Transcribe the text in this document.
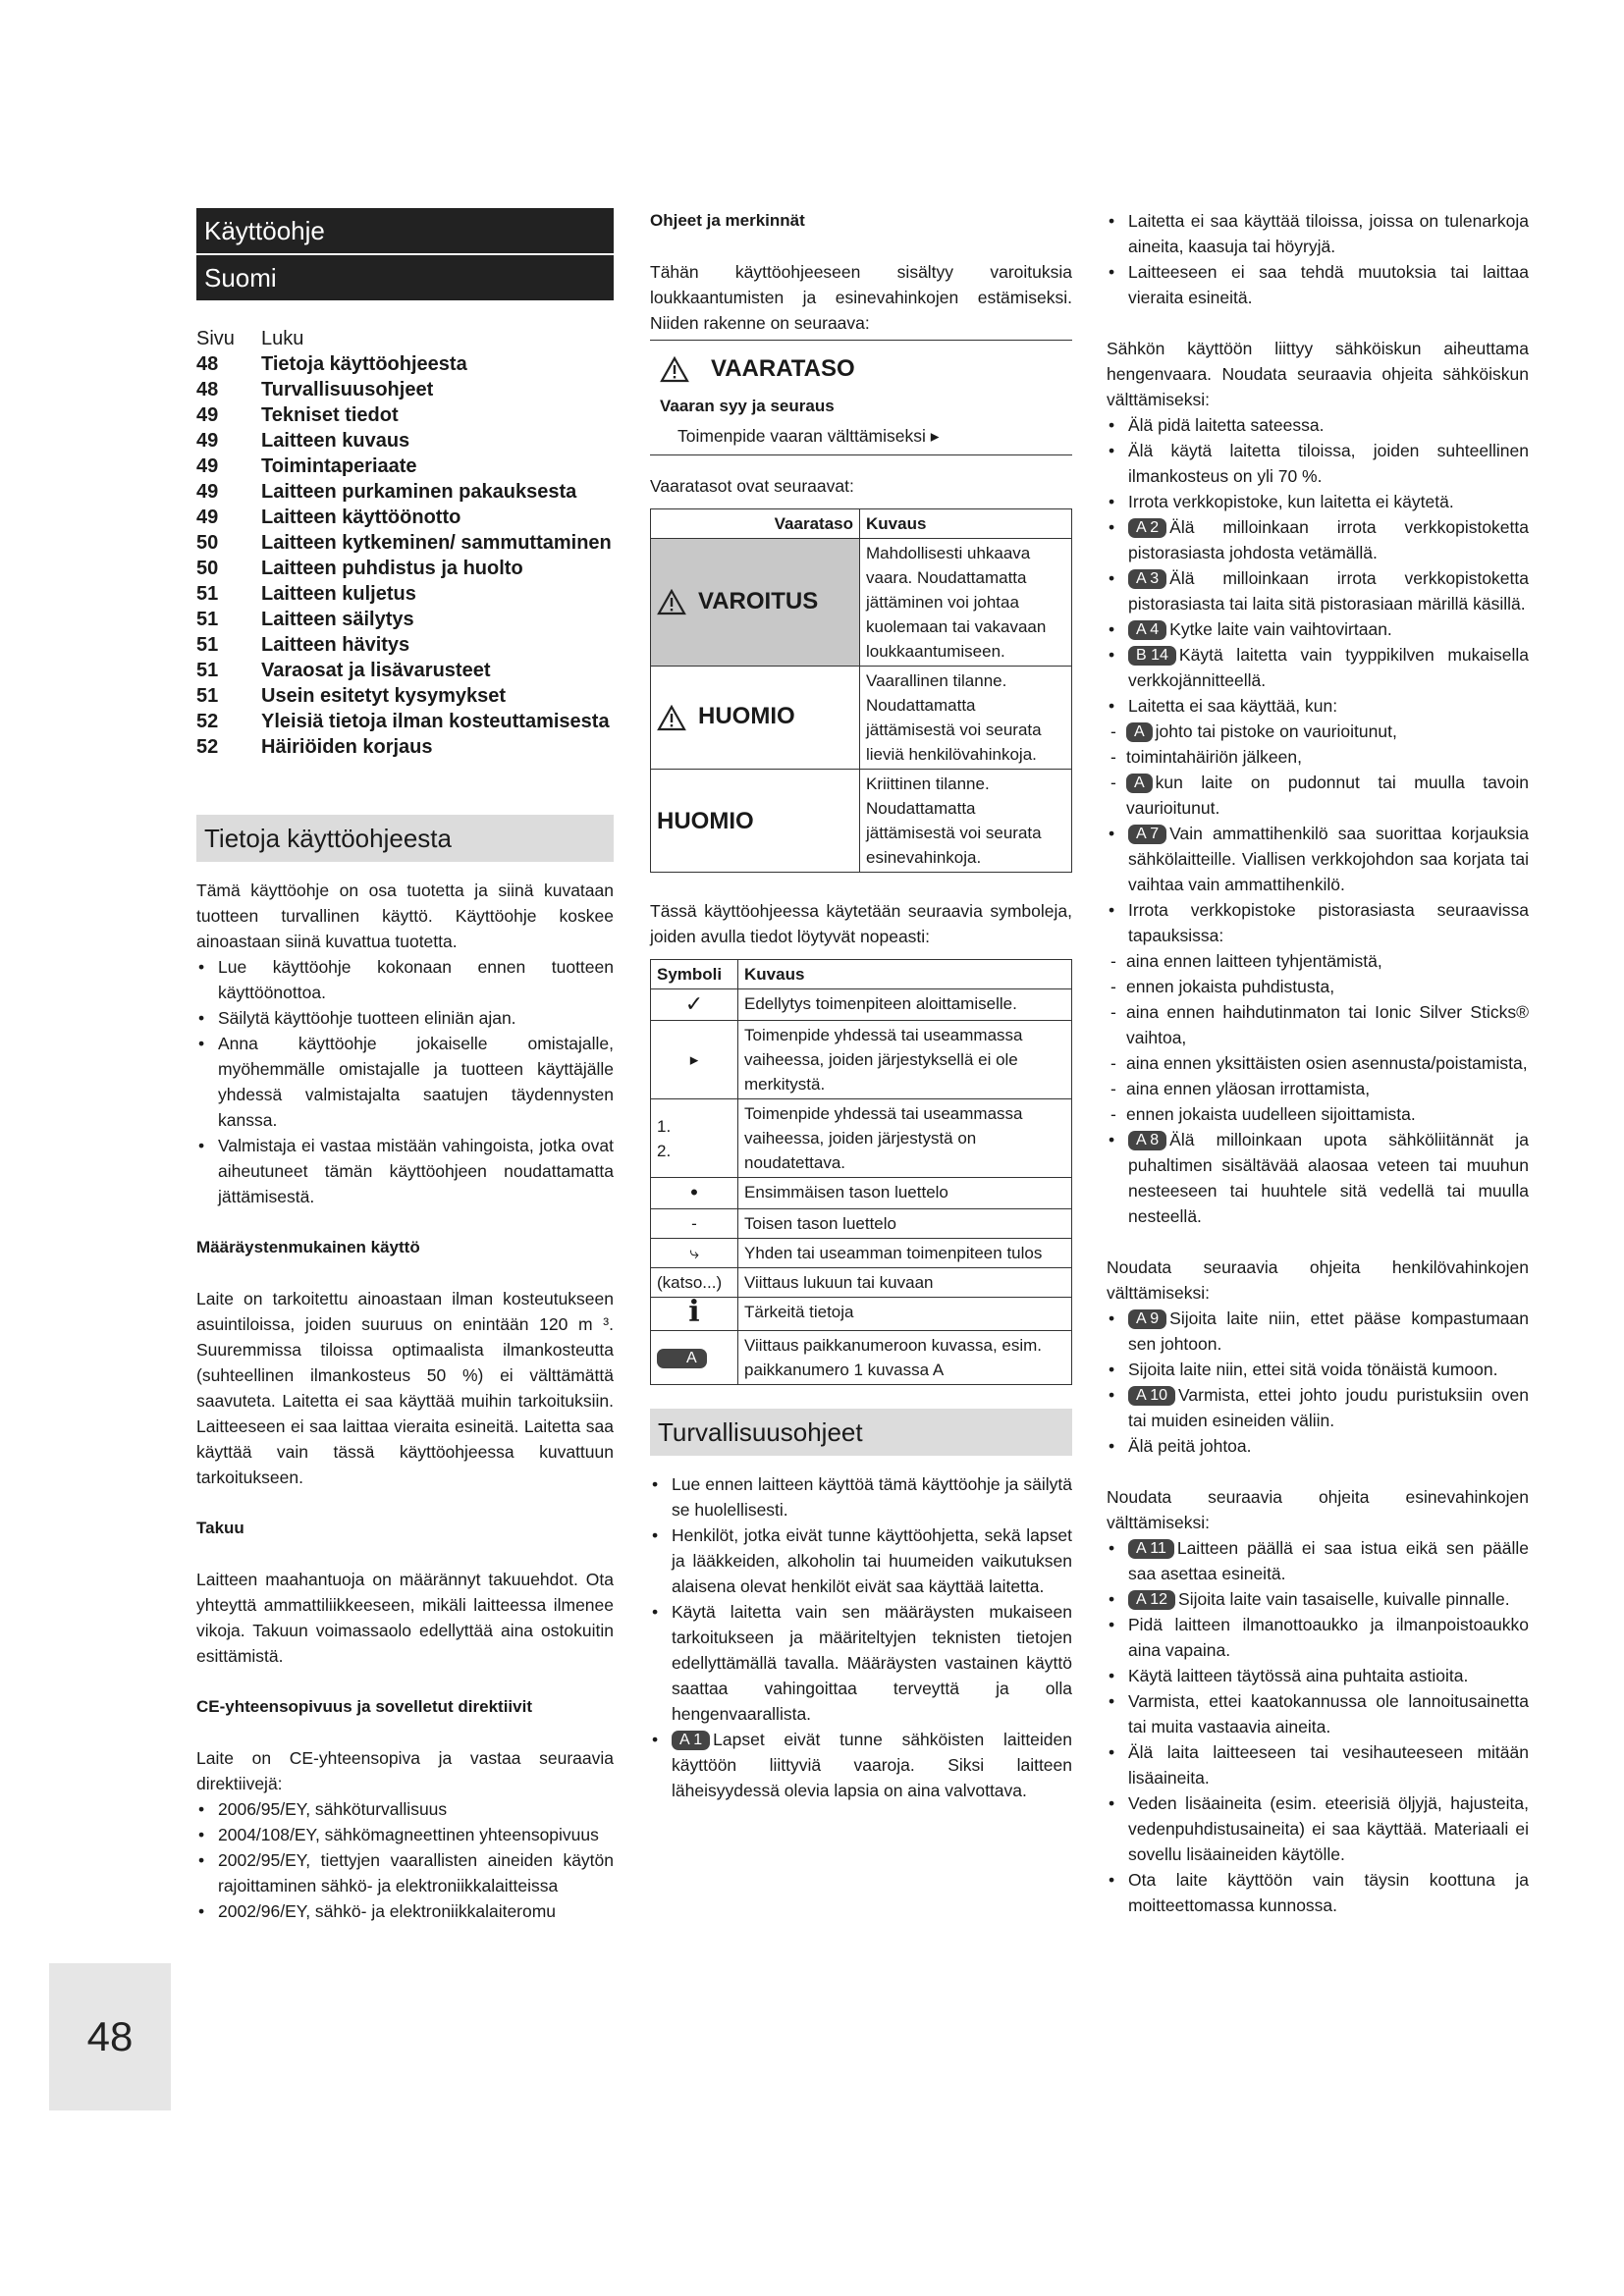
Käyttöohje
Suomi
Sivu	Luku
48	Tietoja käyttöohjeesta
48	Turvallisuusohjeet
49	Tekniset tiedot
49	Laitteen kuvaus
49	Toimintaperiaate
49	Laitteen purkaminen pakauksesta
49	Laitteen käyttöönotto
50	Laitteen kytkeminen/ sammuttaminen
50	Laitteen puhdistus ja huolto
51	Laitteen kuljetus
51	Laitteen säilytys
51	Laitteen hävitys
51	Varaosat ja lisävarusteet
51	Usein esitetyt kysymykset
52	Yleisiä tietoja ilman kosteuttamisesta
52	Häiriöiden korjaus
Tietoja käyttöohjeesta

Tämä käyttöohje on osa tuotetta ja siinä kuvataan tuotteen turvallinen käyttö. Käyttöohje koskee ainoastaan siinä kuvattua tuotetta.

• Lue käyttöohje kokonaan ennen tuotteen käyttöönottoa.
• Säilytä käyttöohje tuotteen eliniän ajan.
• Anna käyttöohje jokaiselle omistajalle, myöhemmälle omistajalle ja tuotteen käyttäjälle yhdessä valmistajalta saatujen täydennysten kanssa.
• Valmistaja ei vastaa mistään vahingoista, jotka ovat aiheutuneet tämän käyttöohjeen noudattamatta jättämisestä.

Määräystenmukainen käyttö

Laite on tarkoitettu ainoastaan ilman kosteutukseen asuintiloissa, joiden suuruus on enintään 120 m ³. Suuremmissa tiloissa optimaalista ilmankosteutta (suhteellinen ilmankosteus 50 %) ei välttämättä saavuteta. Laitetta ei saa käyttää muihin tarkoituksiin. Laitteeseen ei saa laittaa vieraita esineitä. Laitetta saa käyttää vain tässä käyttöohjeessa kuvattuun tarkoitukseen.

Takuu

Laitteen maahantuoja on määrännyt takuuehdot. Ota yhteyttä ammattiliikkeeseen, mikäli laitteessa ilmenee vikoja. Takuun voimassaolo edellyttää aina ostokuitin esittämistä.

CE-yhteensopivuus ja sovelletut direktiivit

Laite on CE-yhteensopiva ja vastaa seuraavia direktiivejä:

• 2006/95/EY, sähköturvallisuus
• 2004/108/EY, sähkömagneettinen yhteensopivuus
• 2002/95/EY, tiettyjen vaarallisten aineiden käytön rajoittaminen sähkö- ja elektroniikkalaitteissa
• 2002/96/EY, sähkö- ja elektroniikkalaiteromu

Ohjeet ja merkinnät

Tähän käyttöohjeeseen sisältyy varoituksia loukkaantumisten ja esinevahinkojen estämiseksi. Niiden rakenne on seuraava:

VAARATASO
Vaaran syy ja seuraus
Toimenpide vaaran välttämiseksi ▸

Vaaratasot ovat seuraavat:

Vaarataso	Kuvaus
VAROITUS	Mahdollisesti uhkaava vaara. Noudattamatta jättäminen voi johtaa kuolemaan tai vakavaan loukkaantumiseen.
HUOMIO	Vaarallinen tilanne. Noudattamatta jättämisestä voi seurata lieviä henkilövahinkoja.
HUOMIO	Kriittinen tilanne. Noudattamatta jättämisestä voi seurata esinevahinkoja.

Tässä käyttöohjeessa käytetään seuraavia symboleja, joiden avulla tiedot löytyvät nopeasti:

Symboli	Kuvaus
✓	Edellytys toimenpiteen aloittamiselle.
▸	Toimenpide yhdessä tai useammassa vaiheessa, joiden järjestyksellä ei ole merkitystä.
1.
2.	Toimenpide yhdessä tai useammassa vaiheessa, joiden järjestystä on noudatettava.
•	Ensimmäisen tason luettelo
-	Toisen tason luettelo
⤷	Yhden tai useamman toimenpiteen tulos
(katso...)	Viittaus lukuun tai kuvaan
i	Tärkeitä tietoja
A	Viittaus paikkanumeroon kuvassa, esim. paikkanumero 1 kuvassa A
Turvallisuusohjeet
• Lue ennen laitteen käyttöä tämä käyttöohje ja säilytä se huolellisesti.
• Henkilöt, jotka eivät tunne käyttöohjetta, sekä lapset ja lääkkeiden, alkoholin tai huumeiden vaikutuksen alaisena olevat henkilöt eivät saa käyttää laitetta.
• Käytä laitetta vain sen määräysten mukaiseen tarkoitukseen ja määriteltyjen teknisten tietojen edellyttämällä tavalla. Määräysten vastainen käyttö saattaa vahingoittaa terveyttä ja olla hengenvaarallista.
• A 1 Lapset eivät tunne sähköisten laitteiden käyttöön liittyviä vaaroja. Siksi laitteen läheisyydessä olevia lapsia on aina valvottava.
• Laitetta ei saa käyttää tiloissa, joissa on tulenarkoja aineita, kaasuja tai höyryjä.
• Laitteeseen ei saa tehdä muutoksia tai laittaa vieraita esineitä.

Sähkön käyttöön liittyy sähköiskun aiheuttama hengenvaara. Noudata seuraavia ohjeita sähköiskun välttämiseksi:

• Älä pidä laitetta sateessa.
• Älä käytä laitetta tiloissa, joiden suhteellinen ilmankosteus on yli 70 %.
• Irrota verkkopistoke, kun laitetta ei käytetä.
• A 2 Älä milloinkaan irrota verkkopistoketta pistorasiasta johdosta vetämällä.
• A 3 Älä milloinkaan irrota verkkopistoketta pistorasiasta tai laita sitä pistorasiaan märillä käsillä.
• A 4 Kytke laite vain vaihtovirtaan.
• B 14 Käytä laitetta vain tyyppikilven mukaisella verkkojännitteellä.
• Laitetta ei saa käyttää, kun:
- A johto tai pistoke on vaurioitunut,
- toimintahäiriön jälkeen,
- A kun laite on pudonnut tai muulla tavoin vaurioitunut.
• A 7 Vain ammattihenkilö saa suorittaa korjauksia sähkölaitteille. Viallisen verkkojohdon saa korjata tai vaihtaa vain ammattihenkilö.
• Irrota verkkopistoke pistorasiasta seuraavissa tapauksissa:
- aina ennen laitteen tyhjentämistä,
- ennen jokaista puhdistusta,
- aina ennen haihdutinmaton tai Ionic Silver Sticks® vaihtoa,
- aina ennen yksittäisten osien asennusta/poistamista,
- aina ennen yläosan irrottamista,
- ennen jokaista uudelleen sijoittamista.
• A 8 Älä milloinkaan upota sähköliitännät ja puhaltimen sisältävää alaosaa veteen tai muuhun nesteeseen tai huuhtele sitä vedellä tai muulla nesteellä.

Noudata seuraavia ohjeita henkilövahinkojen välttämiseksi:

• A 9 Sijoita laite niin, ettet pääse kompastumaan sen johtoon.
• Sijoita laite niin, ettei sitä voida tönäistä kumoon.
• A 10 Varmista, ettei johto joudu puristuksiin oven tai muiden esineiden väliin.
• Älä peitä johtoa.

Noudata seuraavia ohjeita esinevahinkojen välttämiseksi:

• A 11 Laitteen päällä ei saa istua eikä sen päälle saa asettaa esineitä.
• A 12 Sijoita laite vain tasaiselle, kuivalle pinnalle.
• Pidä laitteen ilmanottoaukko ja ilmanpoistoaukko aina vapaina.
• Käytä laitteen täytössä aina puhtaita astioita.
• Varmista, ettei kaatokannussa ole lannoitusainetta tai muita vastaavia aineita.
• Älä laita laitteeseen tai vesihauteeseen mitään lisäaineita.
• Veden lisäaineita (esim. eteerisiä öljyjä, hajusteita, vedenpuhdistusaineita) ei saa käyttää. Materiaali ei sovellu lisäaineiden käytölle.
• Ota laite käyttöön vain täysin koottuna ja moitteettomassa kunnossa.
48
